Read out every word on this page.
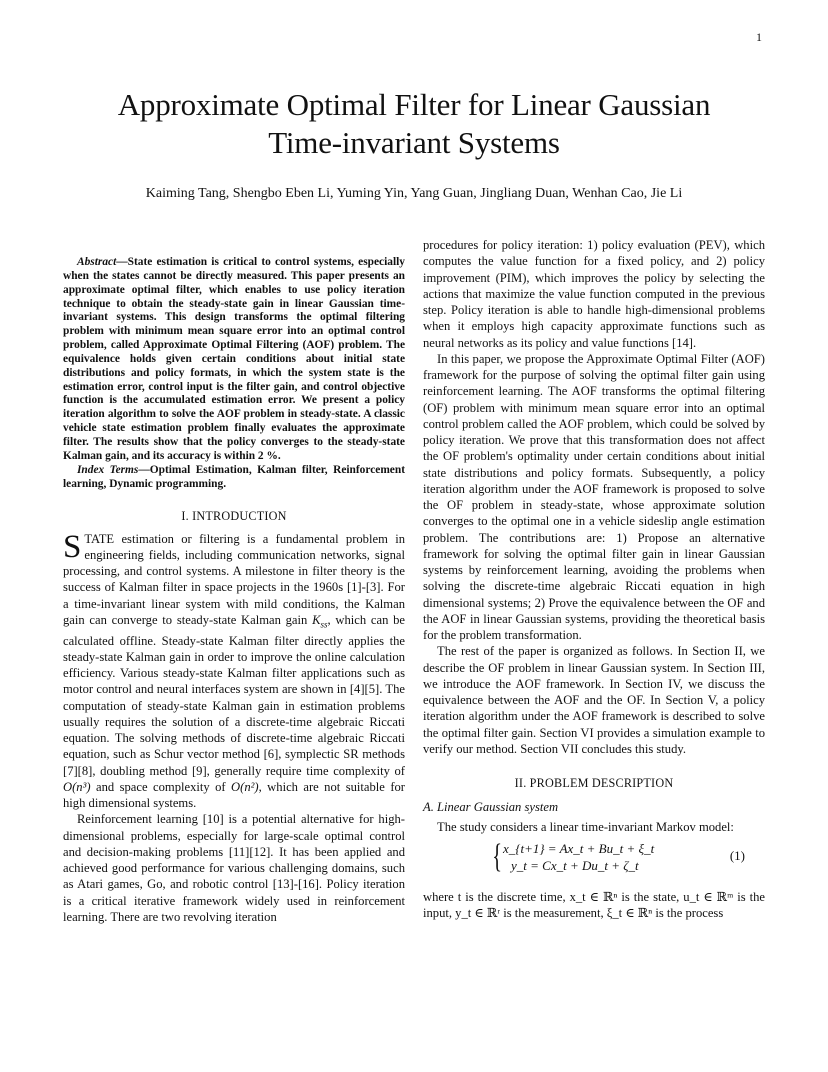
1
Approximate Optimal Filter for Linear Gaussian
Time-invariant Systems
Kaiming Tang, Shengbo Eben Li, Yuming Yin, Yang Guan, Jingliang Duan, Wenhan Cao, Jie Li

Abstract—State estimation is critical to control systems, especially when the states cannot be directly measured. This paper presents an approximate optimal filter, which enables to use policy iteration technique to obtain the steady-state gain in linear Gaussian time-invariant systems. This design transforms the optimal filtering problem with minimum mean square error into an optimal control problem, called Approximate Optimal Filtering (AOF) problem. The equivalence holds given certain conditions about initial state distributions and policy formats, in which the system state is the estimation error, control input is the filter gain, and control objective function is the accumulated estimation error. We present a policy iteration algorithm to solve the AOF problem in steady-state. A classic vehicle state estimation problem finally evaluates the approximate filter. The results show that the policy converges to the steady-state Kalman gain, and its accuracy is within 2 %.

Index Terms—Optimal Estimation, Kalman filter, Reinforcement learning, Dynamic programming.

I. INTRODUCTION

STATE estimation or filtering is a fundamental problem in engineering fields, including communication networks, signal processing, and control systems. A milestone in filter theory is the success of Kalman filter in space projects in the 1960s [1]-[3]. For a time-invariant linear system with mild conditions, the Kalman gain can converge to steady-state Kalman gain $K_{ss}$, which can be calculated offline. Steady-state Kalman filter directly applies the steady-state Kalman gain in order to improve the online calculation efficiency. Various steady-state Kalman filter applications such as motor control and neural interfaces system are shown in [4][5]. The computation of steady-state Kalman gain in estimation problems usually requires the solution of a discrete-time algebraic Riccati equation. The solving methods of discrete-time algebraic Riccati equation, such as Schur vector method [6], symplectic SR methods [7][8], doubling method [9], generally require time complexity of O(n³) and space complexity of O(n²), which are not suitable for high dimensional systems.

Reinforcement learning [10] is a potential alternative for high-dimensional problems, especially for large-scale optimal control and decision-making problems [11][12]. It has been applied and achieved good performance for various challenging domains, such as Atari games, Go, and robotic control [13]-[16]. Policy iteration is a critical iterative framework widely used in reinforcement learning. There are two revolving iteration

procedures for policy iteration: 1) policy evaluation (PEV), which computes the value function for a fixed policy, and 2) policy improvement (PIM), which improves the policy by selecting the actions that maximize the value function computed in the previous step. Policy iteration is able to handle high-dimensional problems when it employs high capacity approximate functions such as neural networks as its policy and value functions [14].

In this paper, we propose the Approximate Optimal Filter (AOF) framework for the purpose of solving the optimal filter gain using reinforcement learning. The AOF transforms the optimal filtering (OF) problem with minimum mean square error into an optimal control problem called the AOF problem, which could be solved by policy iteration. We prove that this transformation does not affect the OF problem's optimality under certain conditions about initial state distributions and policy formats. Subsequently, a policy iteration algorithm under the AOF framework is proposed to solve the OF problem in steady-state, whose approximate solution converges to the optimal one in a vehicle sideslip angle estimation problem. The contributions are: 1) Propose an alternative framework for solving the optimal filter gain in linear Gaussian systems by reinforcement learning, avoiding the problems when solving the discrete-time algebraic Riccati equation in high dimensional systems; 2) Prove the equivalence between the OF and the AOF in linear Gaussian systems, providing the theoretical basis for the problem transformation.

The rest of the paper is organized as follows. In Section II, we describe the OF problem in linear Gaussian system. In Section III, we introduce the AOF framework. In Section IV, we discuss the equivalence between the AOF and the OF. In Section V, a policy iteration algorithm under the AOF framework is described to solve the optimal filter gain. Section VI provides a simulation example to verify our method. Section VII concludes this study.

II. PROBLEM DESCRIPTION
A. Linear Gaussian system

The study considers a linear time-invariant Markov model:

{ x_{t+1} = Ax_t + Bu_t + ξ_t
y_t = Cx_t + Du_t + ζ_t
(1)

where t is the discrete time, x_t ∈ ℝⁿ is the state, u_t ∈ ℝᵐ is the input, y_t ∈ ℝʳ is the measurement, ξ_t ∈ ℝⁿ is the process
